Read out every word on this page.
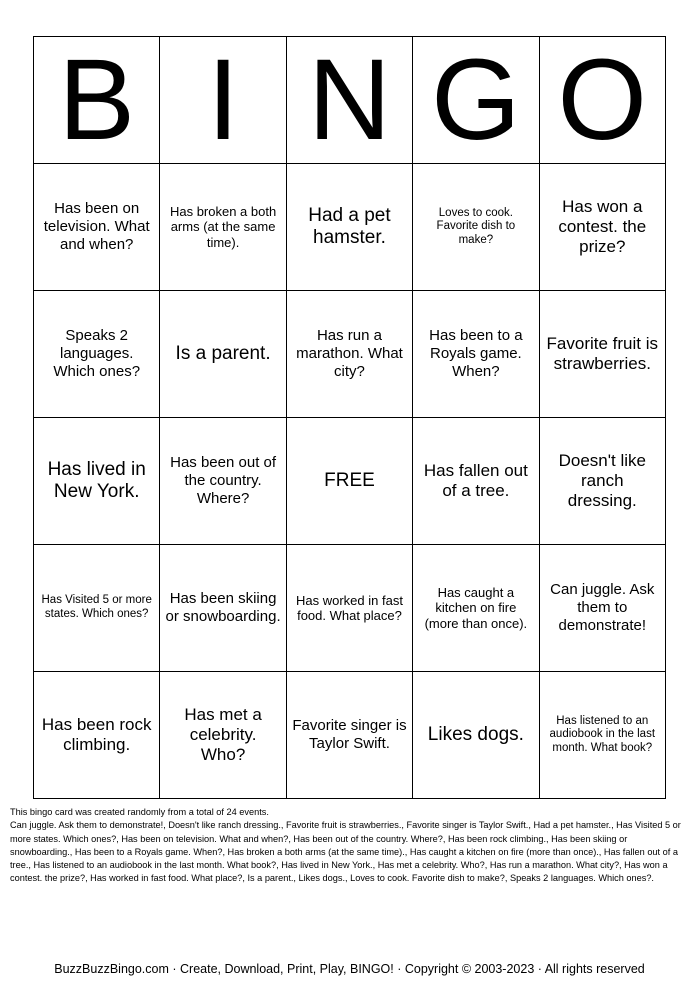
B	I	N	G	O
Has been on television. What and when?	Has broken a both arms (at the same time).	Had a pet hamster.	Loves to cook. Favorite dish to make?	Has won a contest. the prize?
Speaks 2 languages. Which ones?	Is a parent.	Has run a marathon. What city?	Has been to a Royals game. When?	Favorite fruit is strawberries.
Has lived in New York.	Has been out of the country. Where?	FREE	Has fallen out of a tree.	Doesn't like ranch dressing.
Has Visited 5 or more states. Which ones?	Has been skiing or snowboarding.	Has worked in fast food. What place?	Has caught a kitchen on fire (more than once).	Can juggle. Ask them to demonstrate!
Has been rock climbing.	Has met a celebrity. Who?	Favorite singer is Taylor Swift.	Likes dogs.	Has listened to an audiobook in the last month. What book?

This bingo card was created randomly from a total of 24 events.

Can juggle. Ask them to demonstrate!, Doesn't like ranch dressing., Favorite fruit is strawberries., Favorite singer is Taylor Swift., Had a pet hamster., Has Visited 5 or more states. Which ones?, Has been on television. What and when?, Has been out of the country. Where?, Has been rock climbing., Has been skiing or snowboarding., Has been to a Royals game. When?, Has broken a both arms (at the same time)., Has caught a kitchen on fire (more than once)., Has fallen out of a tree., Has listened to an audiobook in the last month. What book?, Has lived in New York., Has met a celebrity. Who?, Has run a marathon. What city?, Has won a contest. the prize?, Has worked in fast food. What place?, Is a parent., Likes dogs., Loves to cook. Favorite dish to make?, Speaks 2 languages. Which ones?.

BuzzBuzzBingo.com · Create, Download, Print, Play, BINGO! · Copyright © 2003-2023 · All rights reserved
